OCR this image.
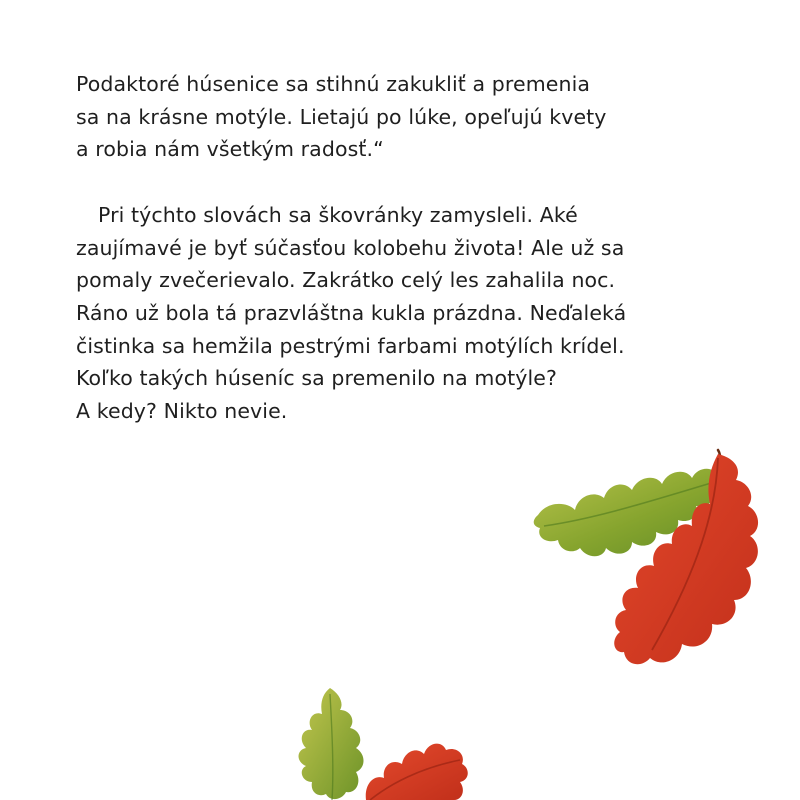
Podaktoré húsenice sa stihnú zakukliť a premenia
sa na krásne motýle. Lietajú po lúke, opeľujú kvety
a robia nám všetkým radosť.“

Pri týchto slovách sa škovránky zamysleli. Aké
zaujímavé je byť súčasťou kolobehu života! Ale už sa
pomaly zvečerievalo. Zakrátko celý les zahalila noc.
Ráno už bola tá prazvláštna kukla prázdna. Neďaleká
čistinka sa hemžila pestrými farbami motýlích krídel.
Koľko takých húseníc sa premenilo na motýle?
A kedy? Nikto nevie.
